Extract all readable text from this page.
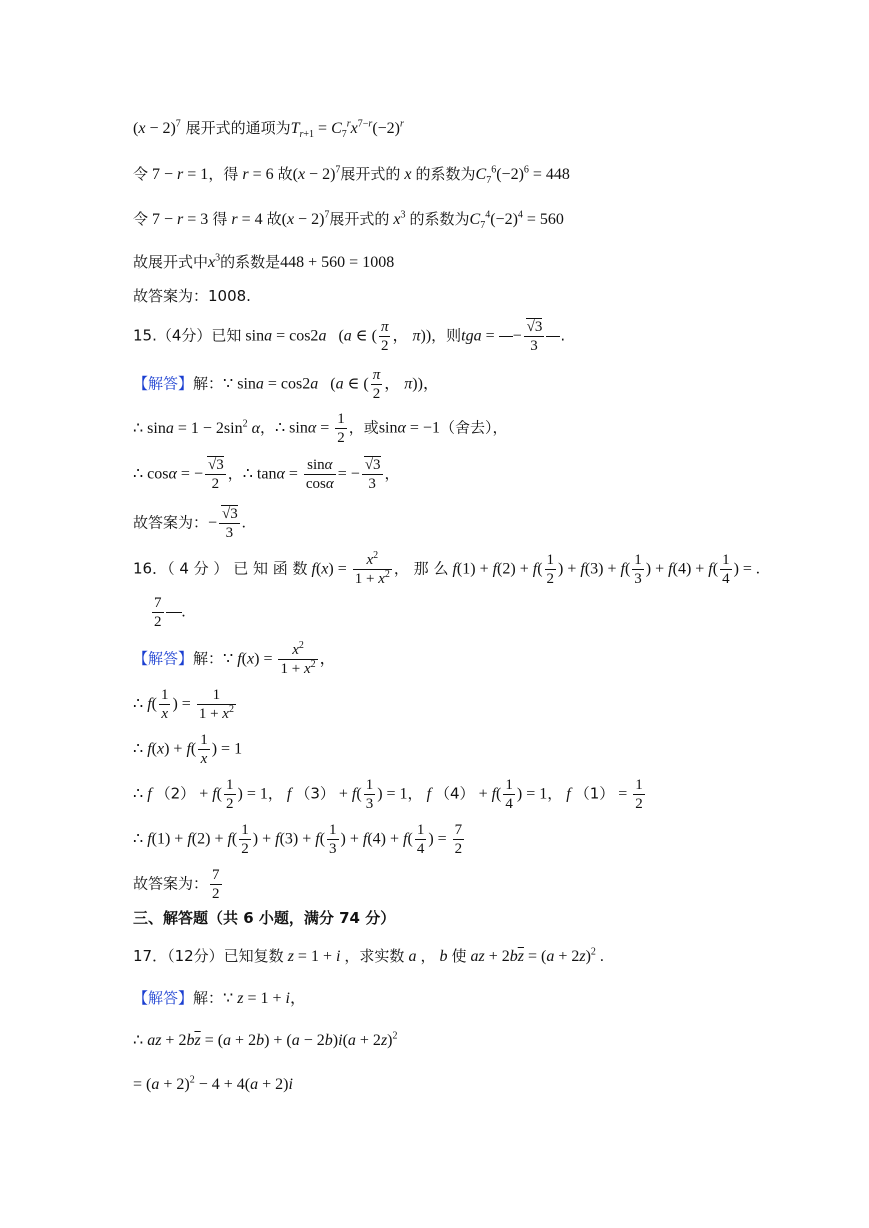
$(x - 2)^7$ 展开式的通项为$T_{r+1} = C_7^rx^{7-r}(-2)^r$
令 7 − r = 1，得 r = 6 故$(x - 2)^7$展开式的 x 的系数为$C_7^6(-2)^6 = 448$
令 7 − r = 3 得 r = 4 故$(x - 2)^7$展开式的 $x^3$ 的系数为$C_7^4(-2)^4 = 560$
故展开式中$x^3$的系数是448 + 560 = 1008
故答案为：1008.
15.（4分）已知 sina = cos2a   (a ∈ ( $\frac{\pi}{2}$ ， π))，则tga = − $\frac{√3}{3}$ .
【解答】解：∵ sina = cos2a   (a ∈ ( $\frac{\pi}{2}$ ， π))，
∴ $\sin a = 1 - 2\sin^2$ α，∴ $\sin\alpha = \frac{1}{2}$ ，或sinα = −1（舍去），
∴ cosα = − $\frac{√3}{2}$ ，∴ $\tan\alpha = \frac{\sin\alpha}{\cos\alpha}$ = − $\frac{√3}{3}$ ，
故答案为：− $\frac{√3}{3}$ .
16．（ 4 分 ） 已 知 函 数 $f(x) = \frac{x^2}{1 + x^2}$ ， 那 么 $f(1) + f(2) + f( \frac{1}{2}$ ) + $f(3) + f( \frac{1}{3}$ ) + $f(4) + f( \frac{1}{4}$ ) = .
$\frac{7}{2}$ .
【解答】解：∵ $f(x) = \frac{x^2}{1 + x^2}$ ，
∴ $f( \frac{1}{x}$ ) = $\frac{1}{1 + x^2}$
∴ $f(x) + f( \frac{1}{x}$ ) = 1
∴ f $(2) + f( \frac{1}{2}$ ) = 1， f $(3) + f( \frac{1}{3}$ ) = 1， f $(4) + f( \frac{1}{4}$ ) = 1， f $(1) = \frac{1}{2}$
∴ $f(1) + f(2) + f( \frac{1}{2}$ ) + $f(3) + f( \frac{1}{3}$ ) + $f(4) + f( \frac{1}{4}$ ) = $\frac{7}{2}$
故答案为： $\frac{7}{2}$
三、解答题（共 6 小题，满分 74 分）
17．（12分）已知复数 z = 1 + i ，求实数 a ， b 使 az + $2b\overline{z} = (a + 2z)^2$ .
【解答】解：∵ z = 1 + i，
∴ az + $2b\overline{z} = (a + 2b) + (a - 2b)i(a + 2z)^2$
= $(a + 2)^2 - 4 + 4(a + 2)i$
